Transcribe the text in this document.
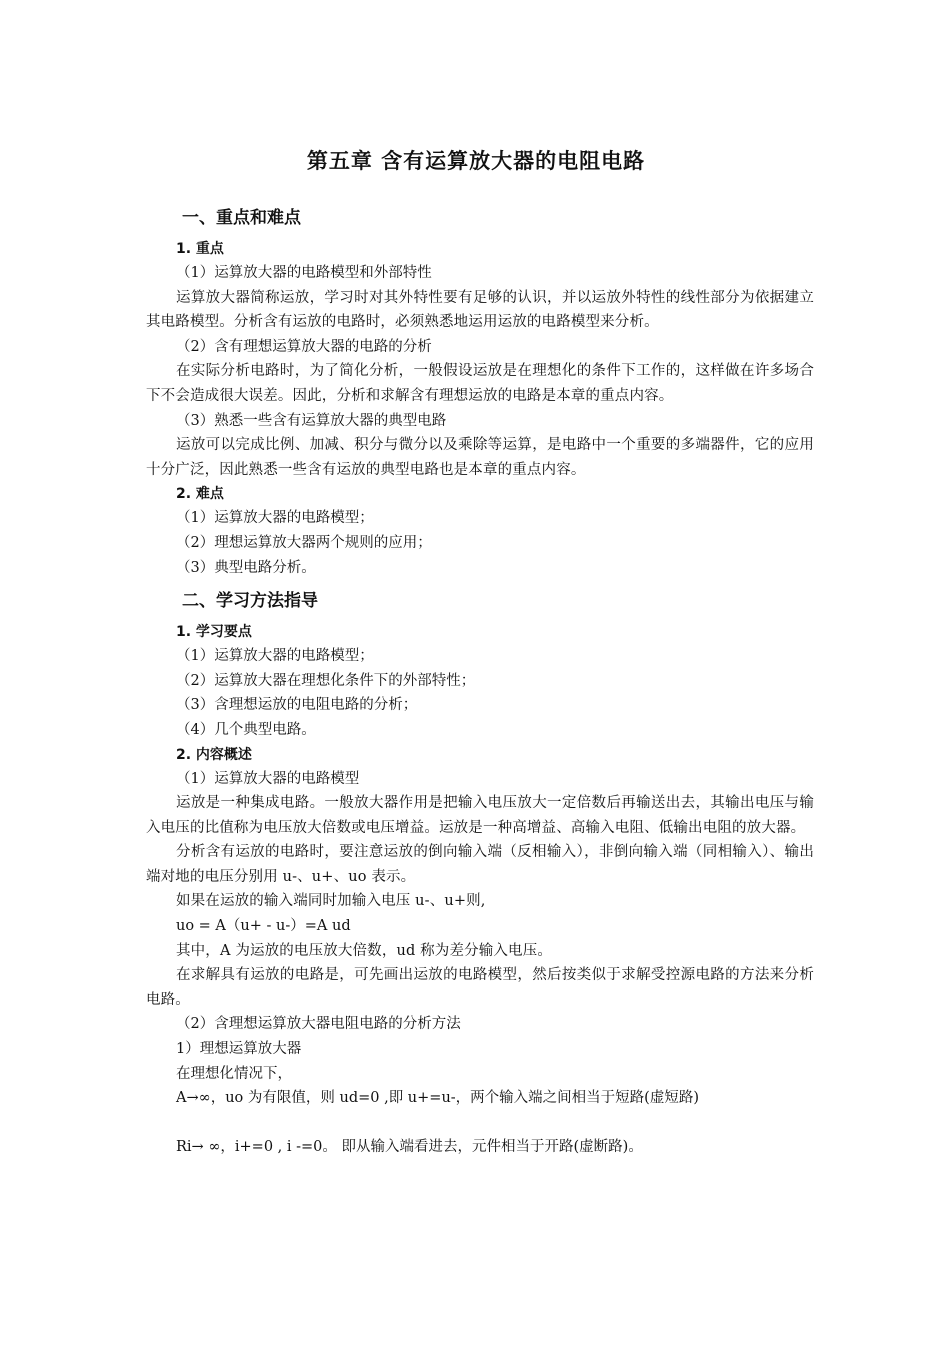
第五章 含有运算放大器的电阻电路
一、重点和难点
1. 重点
（1）运算放大器的电路模型和外部特性

运算放大器简称运放，学习时对其外特性要有足够的认识，并以运放外特性的线性部分为依据建立其电路模型。分析含有运放的电路时，必须熟悉地运用运放的电路模型来分析。

（2）含有理想运算放大器的电路的分析

在实际分析电路时，为了简化分析，一般假设运放是在理想化的条件下工作的，这样做在许多场合下不会造成很大误差。因此，分析和求解含有理想运放的电路是本章的重点内容。

（3）熟悉一些含有运算放大器的典型电路

运放可以完成比例、加减、积分与微分以及乘除等运算，是电路中一个重要的多端器件，它的应用十分广泛，因此熟悉一些含有运放的典型电路也是本章的重点内容。

2. 难点
（1）运算放大器的电路模型；
（2）理想运算放大器两个规则的应用；
（3）典型电路分析。
二、学习方法指导
1. 学习要点
（1）运算放大器的电路模型；
（2）运算放大器在理想化条件下的外部特性；
（3）含理想运放的电阻电路的分析；
（4）几个典型电路。
2. 内容概述
（1）运算放大器的电路模型

运放是一种集成电路。一般放大器作用是把输入电压放大一定倍数后再输送出去，其输出电压与输入电压的比值称为电压放大倍数或电压增益。运放是一种高增益、高输入电阻、低输出电阻的放大器。

分析含有运放的电路时，要注意运放的倒向输入端（反相输入），非倒向输入端（同相输入）、输出端对地的电压分别用 u-、u+、uo 表示。

如果在运放的输入端同时加输入电压 u-、u+则,

uo = A（u+ - u-）=A ud

其中，A 为运放的电压放大倍数，ud 称为差分输入电压。

在求解具有运放的电路是，可先画出运放的电路模型，然后按类似于求解受控源电路的方法来分析电路。

（2）含理想运算放大器电阻电路的分析方法
1）理想运算放大器
在理想化情况下，
A→∞，uo 为有限值，则 ud=0 ,即 u+=u-，两个输入端之间相当于短路(虚短路)
Ri→ ∞，i+=0 , i -=0。 即从输入端看进去，元件相当于开路(虚断路)。
